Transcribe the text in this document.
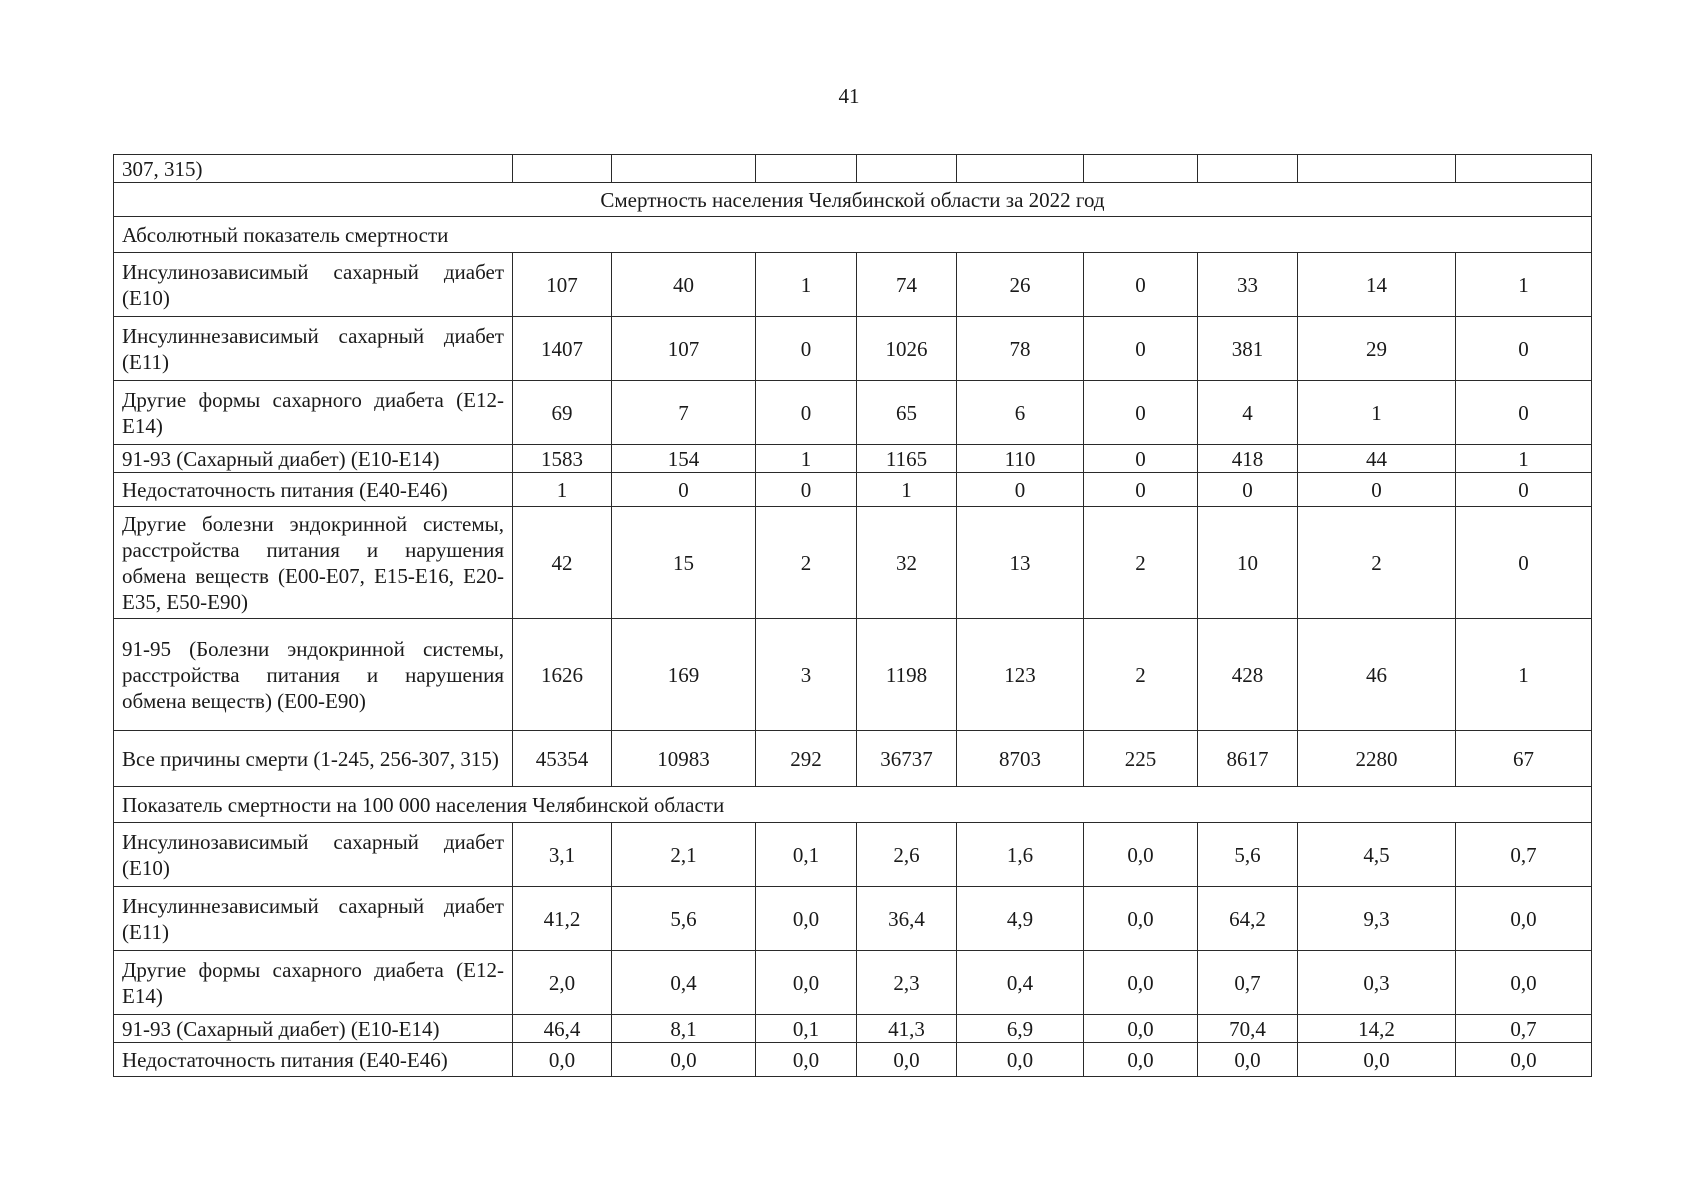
41
307, 315)										
Смертность населения Челябинской области за 2022 год										
Абсолютный показатель смертности										
Инсулинозависимый сахарный диабет (E10)	107	40	1	74	26	0	33	14	1	
Инсулиннезависимый сахарный диабет (E11)	1407	107	0	1026	78	0	381	29	0	
Другие формы сахарного диабета (E12-E14)	69	7	0	65	6	0	4	1	0	
91-93 (Сахарный диабет) (E10-E14)	1583	154	1	1165	110	0	418	44	1	
Недостаточность питания (E40-E46)	1	0	0	1	0	0	0	0	0	
Другие болезни эндокринной системы, расстройства питания и нарушения обмена веществ (E00-E07, E15-E16, E20-E35, E50-E90)	42	15	2	32	13	2	10	2	0	
91-95 (Болезни эндокринной системы, расстройства питания и нарушения обмена веществ) (E00-E90)	1626	169	3	1198	123	2	428	46	1	
Все причины смерти (1-245, 256-307, 315)	45354	10983	292	36737	8703	225	8617	2280	67	
Показатель смертности на 100 000 населения Челябинской области										
Инсулинозависимый сахарный диабет (E10)	3,1	2,1	0,1	2,6	1,6	0,0	5,6	4,5	0,7	
Инсулиннезависимый сахарный диабет (E11)	41,2	5,6	0,0	36,4	4,9	0,0	64,2	9,3	0,0	
Другие формы сахарного диабета (E12-E14)	2,0	0,4	0,0	2,3	0,4	0,0	0,7	0,3	0,0	
91-93 (Сахарный диабет) (E10-E14)	46,4	8,1	0,1	41,3	6,9	0,0	70,4	14,2	0,7	
Недостаточность питания (E40-E46)	0,0	0,0	0,0	0,0	0,0	0,0	0,0	0,0	0,0	
